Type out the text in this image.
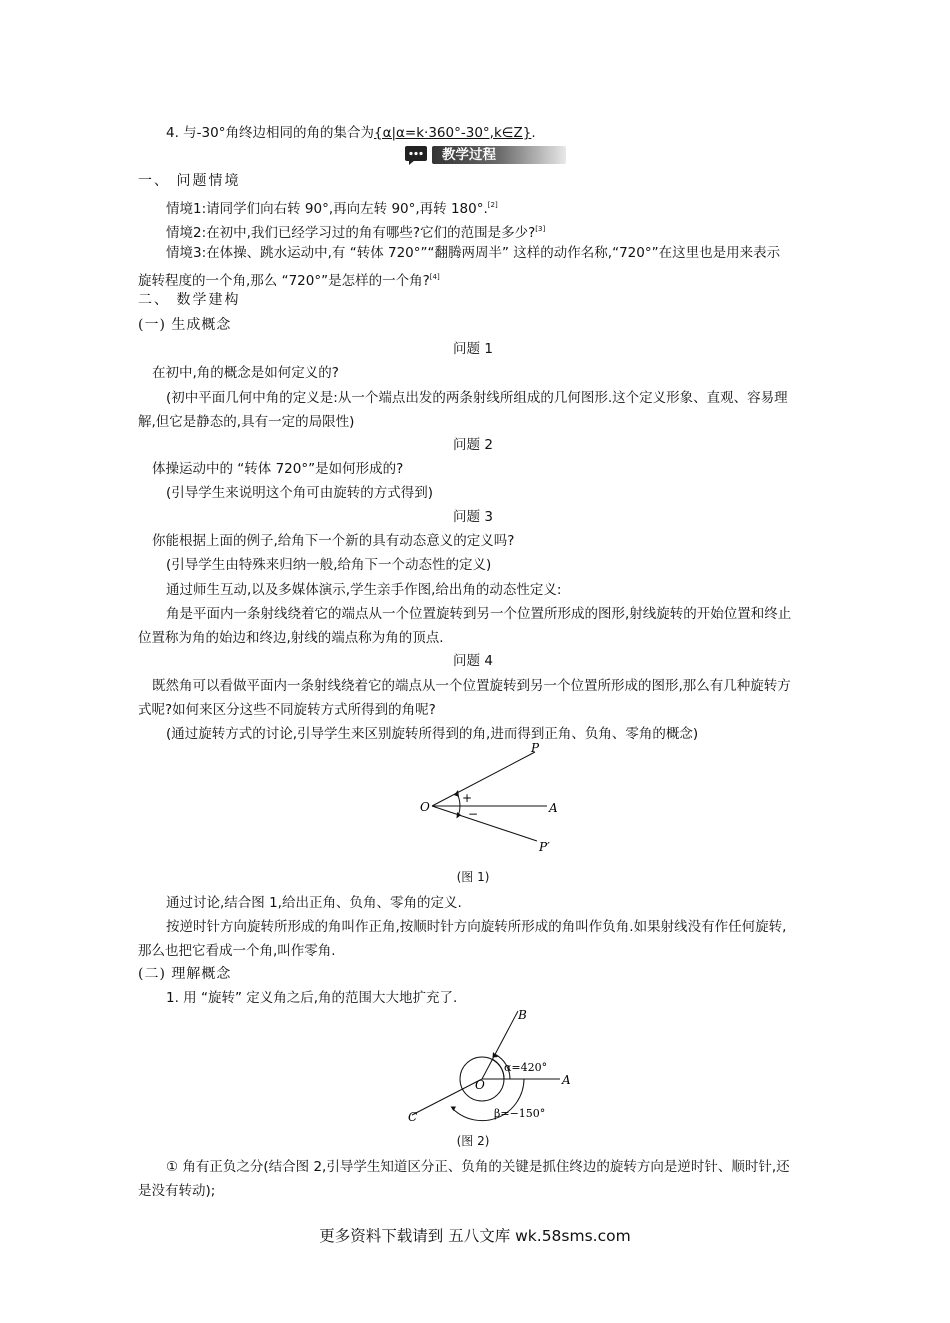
4. 与-30°角终边相同的角的集合为{α|α=k·360°-30°,k∈Z}.
教学过程
一、 问题情境
情境1:请同学们向右转 90°,再向左转 90°,再转 180°.[2]
情境2:在初中,我们已经学习过的角有哪些?它们的范围是多少?[3]
情境3:在体操、跳水运动中,有 “转体 720°”“翻腾两周半” 这样的动作名称,“720°”在这里也是用来表示
旋转程度的一个角,那么 “720°”是怎样的一个角?[4]
二、 数学建构
(一) 生成概念
问题 1
在初中,角的概念是如何定义的?
(初中平面几何中角的定义是:从一个端点出发的两条射线所组成的几何图形.这个定义形象、直观、容易理
解,但它是静态的,具有一定的局限性)
问题 2
体操运动中的 “转体 720°”是如何形成的?
(引导学生来说明这个角可由旋转的方式得到)
问题 3
你能根据上面的例子,给角下一个新的具有动态意义的定义吗?
(引导学生由特殊来归纳一般,给角下一个动态性的定义)
通过师生互动,以及多媒体演示,学生亲手作图,给出角的动态性定义:
角是平面内一条射线绕着它的端点从一个位置旋转到另一个位置所形成的图形,射线旋转的开始位置和终止
位置称为角的始边和终边,射线的端点称为角的顶点.
问题 4
既然角可以看做平面内一条射线绕着它的端点从一个位置旋转到另一个位置所形成的图形,那么有几种旋转方
式呢?如何来区分这些不同旋转方式所得到的角呢?
(通过旋转方式的讨论,引导学生来区别旋转所得到的角,进而得到正角、负角、零角的概念)
O	A
P
P′
+
−
(图 1)
通过讨论,结合图 1,给出正角、负角、零角的定义.
按逆时针方向旋转所形成的角叫作正角,按顺时针方向旋转所形成的角叫作负角.如果射线没有作任何旋转,
那么也把它看成一个角,叫作零角.
(二) 理解概念
1. 用 “旋转” 定义角之后,角的范围大大地扩充了.
O	A
B
C
α=420°
β=−150°
(图 2)
① 角有正负之分(结合图 2,引导学生知道区分正、负角的关键是抓住终边的旋转方向是逆时针、顺时针,还
是没有转动);
更多资料下载请到 五八文库 wk.58sms.com
